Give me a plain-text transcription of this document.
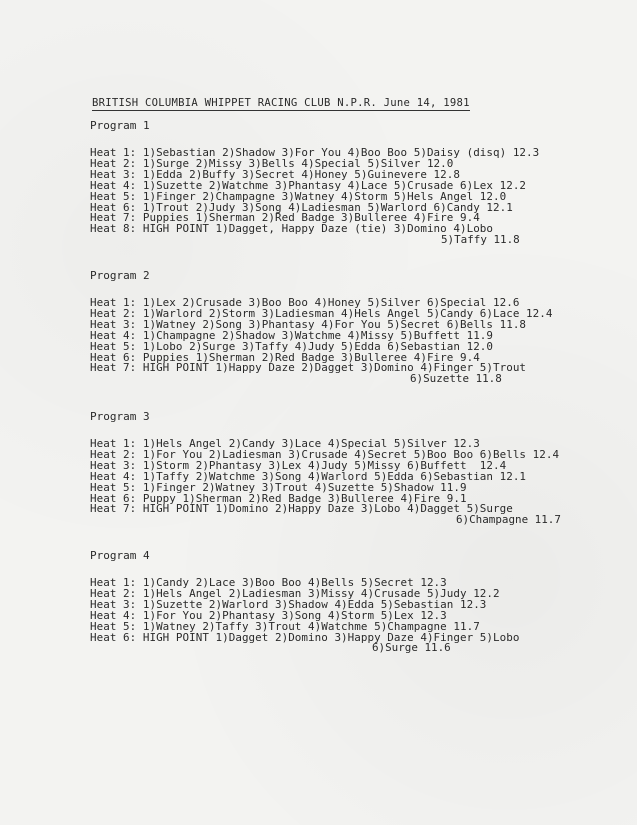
BRITISH COLUMBIA WHIPPET RACING CLUB N.P.R. June 14, 1981
Program 1
Heat 1: 1)Sebastian 2)Shadow 3)For You 4)Boo Boo 5)Daisy (disq) 12.3
Heat 2: 1)Surge 2)Missy 3)Bells 4)Special 5)Silver 12.0
Heat 3: 1)Edda 2)Buffy 3)Secret 4)Honey 5)Guinevere 12.8
Heat 4: 1)Suzette 2)Watchme 3)Phantasy 4)Lace 5)Crusade 6)Lex 12.2
Heat 5: 1)Finger 2)Champagne 3)Watney 4)Storm 5)Hels Angel 12.0
Heat 6: 1)Trout 2)Judy 3)Song 4)Ladiesman 5)Warlord 6)Candy 12.1
Heat 7: Puppies 1)Sherman 2)Red Badge 3)Bulleree 4)Fire 9.4
Heat 8: HIGH POINT 1)Dagget, Happy Daze (tie) 3)Domino 4)Lobo
5)Taffy 11.8
Program 2
Heat 1: 1)Lex 2)Crusade 3)Boo Boo 4)Honey 5)Silver 6)Special 12.6
Heat 2: 1)Warlord 2)Storm 3)Ladiesman 4)Hels Angel 5)Candy 6)Lace 12.4
Heat 3: 1)Watney 2)Song 3)Phantasy 4)For You 5)Secret 6)Bells 11.8
Heat 4: 1)Champagne 2)Shadow 3)Watchme 4)Missy 5)Buffett 11.9
Heat 5: 1)Lobo 2)Surge 3)Taffy 4)Judy 5)Edda 6)Sebastian 12.0
Heat 6: Puppies 1)Sherman 2)Red Badge 3)Bulleree 4)Fire 9.4
Heat 7: HIGH POINT 1)Happy Daze 2)Dagget 3)Domino 4)Finger 5)Trout
6)Suzette 11.8
Program 3
Heat 1: 1)Hels Angel 2)Candy 3)Lace 4)Special 5)Silver 12.3
Heat 2: 1)For You 2)Ladiesman 3)Crusade 4)Secret 5)Boo Boo 6)Bells 12.4
Heat 3: 1)Storm 2)Phantasy 3)Lex 4)Judy 5)Missy 6)Buffett  12.4
Heat 4: 1)Taffy 2)Watchme 3)Song 4)Warlord 5)Edda 6)Sebastian 12.1
Heat 5: 1)Finger 2)Watney 3)Trout 4)Suzette 5)Shadow 11.9
Heat 6: Puppy 1)Sherman 2)Red Badge 3)Bulleree 4)Fire 9.1
Heat 7: HIGH POINT 1)Domino 2)Happy Daze 3)Lobo 4)Dagget 5)Surge
6)Champagne 11.7
Program 4
Heat 1: 1)Candy 2)Lace 3)Boo Boo 4)Bells 5)Secret 12.3
Heat 2: 1)Hels Angel 2)Ladiesman 3)Missy 4)Crusade 5)Judy 12.2
Heat 3: 1)Suzette 2)Warlord 3)Shadow 4)Edda 5)Sebastian 12.3
Heat 4: 1)For You 2)Phantasy 3)Song 4)Storm 5)Lex 12.3
Heat 5: 1)Watney 2)Taffy 3)Trout 4)Watchme 5)Champagne 11.7
Heat 6: HIGH POINT 1)Dagget 2)Domino 3)Happy Daze 4)Finger 5)Lobo
6)Surge 11.6
